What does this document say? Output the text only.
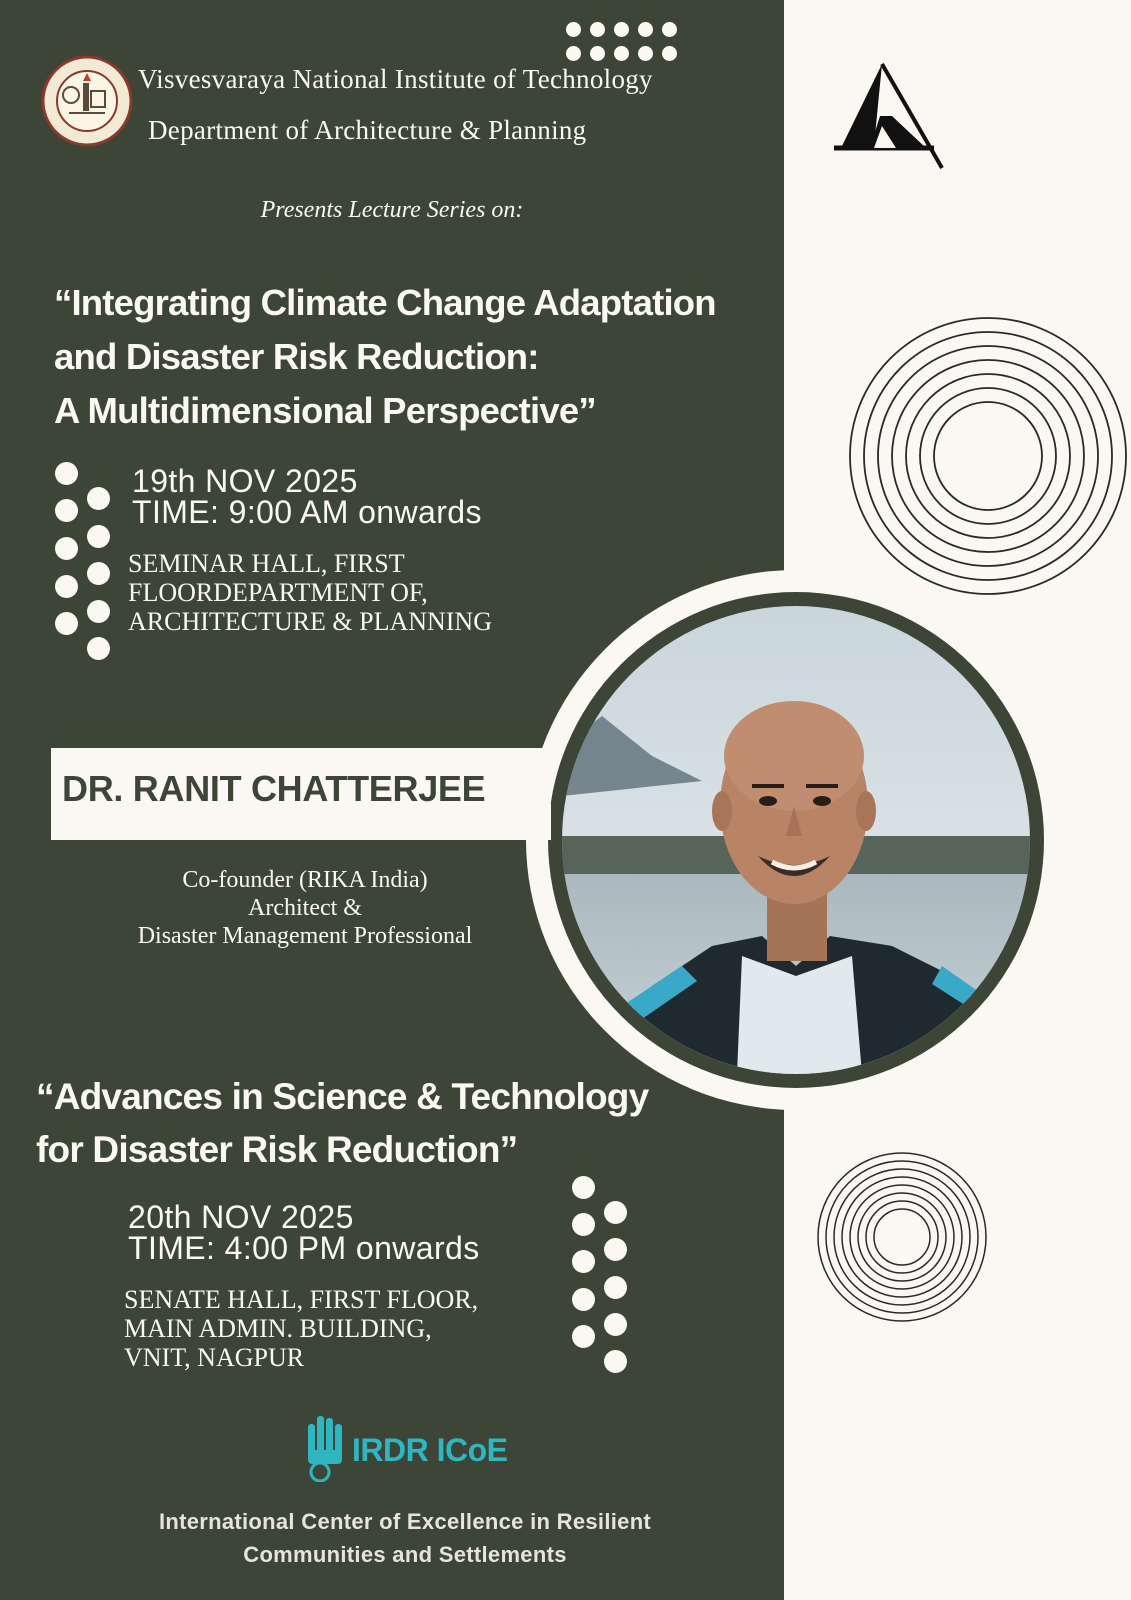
Visvesvaraya National Institute of Technology
Department of Architecture & Planning
Presents Lecture Series on:
“Integrating Climate Change Adaptation
and Disaster Risk Reduction:
A Multidimensional Perspective”
19th NOV 2025
TIME: 9:00 AM onwards
SEMINAR HALL, FIRST
FLOORDEPARTMENT OF,
ARCHITECTURE & PLANNING
DR. RANIT CHATTERJEE
Co-founder (RIKA India)
Architect &
Disaster Management Professional
“Advances in Science & Technology
for Disaster Risk Reduction”
20th NOV 2025
TIME: 4:00 PM onwards
SENATE HALL, FIRST FLOOR,
MAIN ADMIN. BUILDING,
VNIT, NAGPUR
IRDR ICoE
International Center of Excellence in Resilient
Communities and Settlements
